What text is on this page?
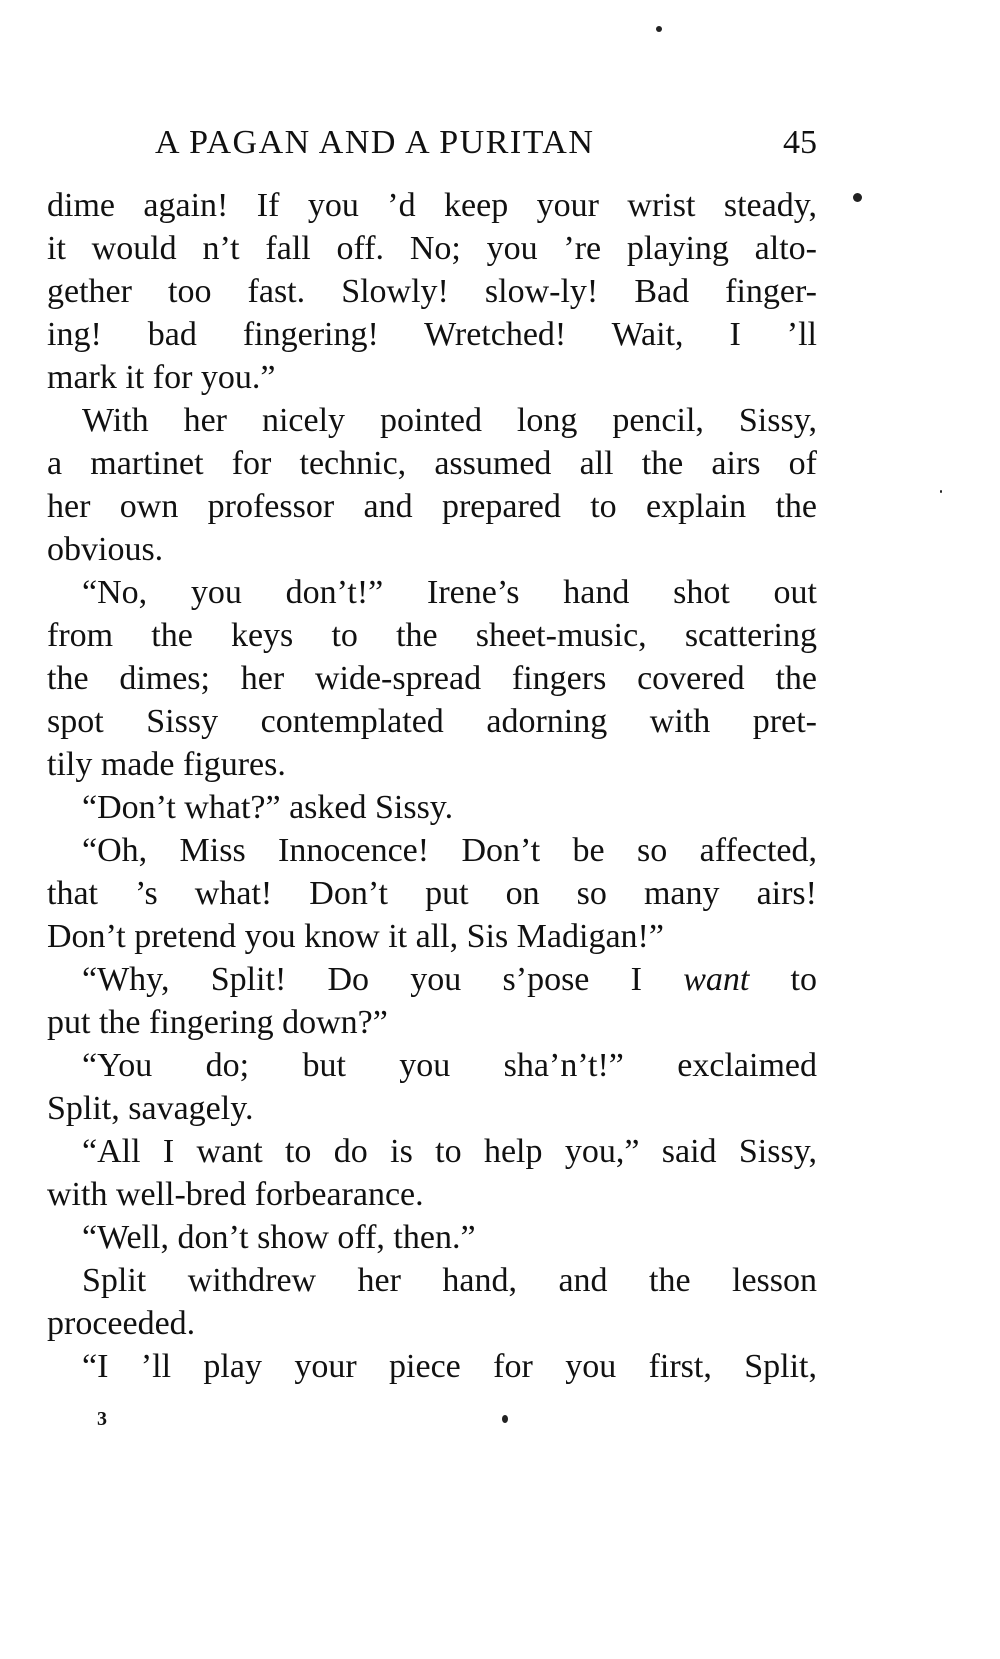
A PAGAN AND A PURITAN	45
dime again! If you ’d keep your wrist steady,
it would n’t fall off. No; you ’re playing alto-
gether too fast. Slowly! slow-ly! Bad finger-
ing! bad fingering! Wretched! Wait, I ’ll
mark it for you.”
With her nicely pointed long pencil, Sissy,
a martinet for technic, assumed all the airs of
her own professor and prepared to explain the
obvious.
“No, you don’t!” Irene’s hand shot out
from the keys to the sheet-music, scattering
the dimes; her wide-spread fingers covered the
spot Sissy contemplated adorning with pret-
tily made figures.
“Don’t what?” asked Sissy.
“Oh, Miss Innocence! Don’t be so affected,
that ’s what! Don’t put on so many airs!
Don’t pretend you know it all, Sis Madigan!”
“Why, Split! Do you s’pose I want to
put the fingering down?”
“You do; but you sha’n’t!” exclaimed
Split, savagely.
“All I want to do is to help you,” said Sissy,
with well-bred forbearance.
“Well, don’t show off, then.”
Split withdrew her hand, and the lesson
proceeded.
“I ’ll play your piece for you first, Split,
3
